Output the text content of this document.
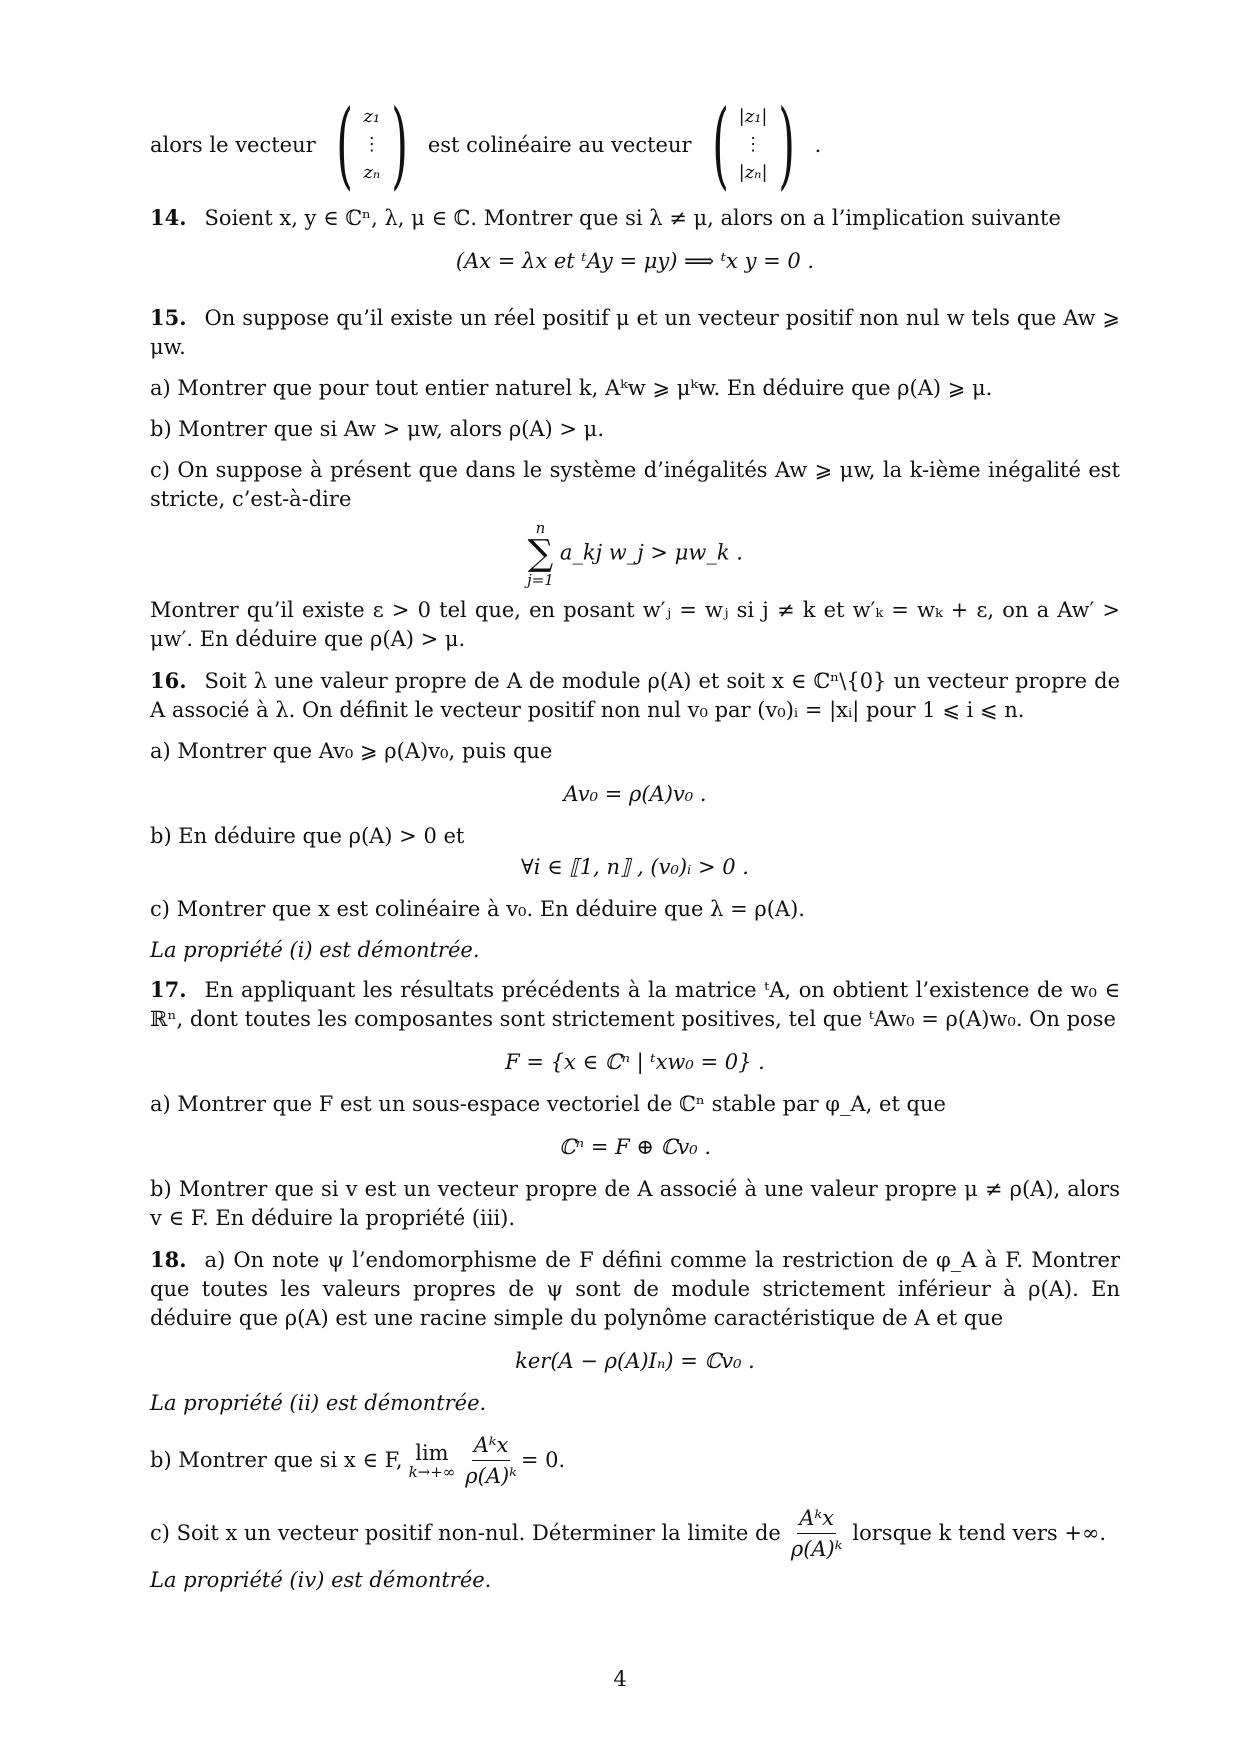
alors le vecteur ( z₁
⋮
zₙ ) est colinéaire au vecteur ( |z₁|
⋮
|zₙ| ) .

14. Soient x, y ∈ ℂⁿ, λ, μ ∈ ℂ. Montrer que si λ ≠ μ, alors on a l’implication suivante

(Ax = λx et ᵗAy = μy) ⟹ ᵗx y = 0 .

15. On suppose qu’il existe un réel positif μ et un vecteur positif non nul w tels que Aw ⩾ μw.

a) Montrer que pour tout entier naturel k, Aᵏw ⩾ μᵏw. En déduire que ρ(A) ⩾ μ.

b) Montrer que si Aw > μw, alors ρ(A) > μ.

c) On suppose à présent que dans le système d’inégalités Aw ⩾ μw, la k-ième inégalité est stricte, c’est-à-dire

n
∑
j=1
a_kj w_j > μw_k .

Montrer qu’il existe ε > 0 tel que, en posant w′ⱼ = wⱼ si j ≠ k et w′ₖ = wₖ + ε, on a Aw′ > μw′. En déduire que ρ(A) > μ.

16. Soit λ une valeur propre de A de module ρ(A) et soit x ∈ ℂⁿ\{0} un vecteur propre de A associé à λ. On définit le vecteur positif non nul v₀ par (v₀)ᵢ = |xᵢ| pour 1 ⩽ i ⩽ n.

a) Montrer que Av₀ ⩾ ρ(A)v₀, puis que

Av₀ = ρ(A)v₀ .

b) En déduire que ρ(A) > 0 et

∀i ∈ ⟦1, n⟧ , (v₀)ᵢ > 0 .

c) Montrer que x est colinéaire à v₀. En déduire que λ = ρ(A).

La propriété (i) est démontrée.

17. En appliquant les résultats précédents à la matrice ᵗA, on obtient l’existence de w₀ ∈ ℝⁿ, dont toutes les composantes sont strictement positives, tel que ᵗAw₀ = ρ(A)w₀. On pose

F = {x ∈ ℂⁿ | ᵗxw₀ = 0} .

a) Montrer que F est un sous-espace vectoriel de ℂⁿ stable par φ_A, et que

ℂⁿ = F ⊕ ℂv₀ .

b) Montrer que si v est un vecteur propre de A associé à une valeur propre μ ≠ ρ(A), alors v ∈ F. En déduire la propriété (iii).

18. a) On note ψ l’endomorphisme de F défini comme la restriction de φ_A à F. Montrer que toutes les valeurs propres de ψ sont de module strictement inférieur à ρ(A). En déduire que ρ(A) est une racine simple du polynôme caractéristique de A et que

ker(A − ρ(A)Iₙ) = ℂv₀ .

La propriété (ii) est démontrée.

b) Montrer que si x ∈ F, lim
$k\to+\infty \frac{\text{Aᵏx}}{\text{ρ(A)ᵏ}} = 0$.

c) Soit x un vecteur positif non-nul. Déterminer la limite de $\frac{\text{Aᵏx}}{\text{ρ(A)ᵏ}}$ lorsque k tend vers +∞.

La propriété (iv) est démontrée.

4
